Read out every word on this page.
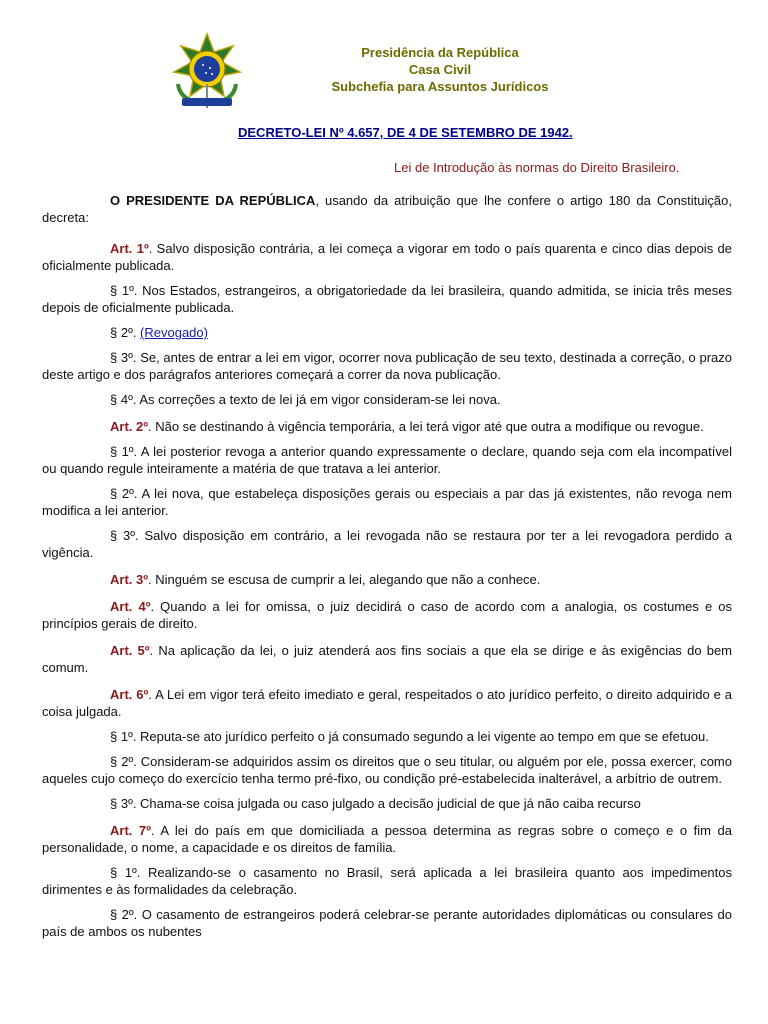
Presidência da República
Casa Civil
Subchefia para Assuntos Jurídicos
DECRETO-LEI Nº 4.657, DE 4 DE SETEMBRO DE 1942.
Lei de Introdução às normas do Direito Brasileiro.

O PRESIDENTE DA REPÚBLICA, usando da atribuição que lhe confere o artigo 180 da Constituição, decreta:

Art. 1º. Salvo disposição contrária, a lei começa a vigorar em todo o país quarenta e cinco dias depois de oficialmente publicada.

§ 1º. Nos Estados, estrangeiros, a obrigatoriedade da lei brasileira, quando admitida, se inicia três meses depois de oficialmente publicada.

§ 2º. (Revogado)

§ 3º. Se, antes de entrar a lei em vigor, ocorrer nova publicação de seu texto, destinada a correção, o prazo deste artigo e dos parágrafos anteriores começará a correr da nova publicação.

§ 4º. As correções a texto de lei já em vigor consideram-se lei nova.

Art. 2º. Não se destinando à vigência temporária, a lei terá vigor até que outra a modifique ou revogue.

§ 1º. A lei posterior revoga a anterior quando expressamente o declare, quando seja com ela incompatível ou quando regule inteiramente a matéria de que tratava a lei anterior.

§ 2º. A lei nova, que estabeleça disposições gerais ou especiais a par das já existentes, não revoga nem modifica a lei anterior.

§ 3º. Salvo disposição em contrário, a lei revogada não se restaura por ter a lei revogadora perdido a vigência.

Art. 3º. Ninguém se escusa de cumprir a lei, alegando que não a conhece.

Art. 4º. Quando a lei for omissa, o juiz decidirá o caso de acordo com a analogia, os costumes e os princípios gerais de direito.

Art. 5º. Na aplicação da lei, o juiz atenderá aos fins sociais a que ela se dirige e às exigências do bem comum.

Art. 6º. A Lei em vigor terá efeito imediato e geral, respeitados o ato jurídico perfeito, o direito adquirido e a coisa julgada.

§ 1º. Reputa-se ato jurídico perfeito o já consumado segundo a lei vigente ao tempo em que se efetuou.

§ 2º. Consideram-se adquiridos assim os direitos que o seu titular, ou alguém por ele, possa exercer, como aqueles cujo começo do exercício tenha termo pré-fixo, ou condição pré-estabelecida inalterável, a arbítrio de outrem.

§ 3º. Chama-se coisa julgada ou caso julgado a decisão judicial de que já não caiba recurso

Art. 7º. A lei do país em que domiciliada a pessoa determina as regras sobre o começo e o fim da personalidade, o nome, a capacidade e os direitos de família.

§ 1º. Realizando-se o casamento no Brasil, será aplicada a lei brasileira quanto aos impedimentos dirimentes e às formalidades da celebração.

§ 2º. O casamento de estrangeiros poderá celebrar-se perante autoridades diplomáticas ou consulares do país de ambos os nubentes
